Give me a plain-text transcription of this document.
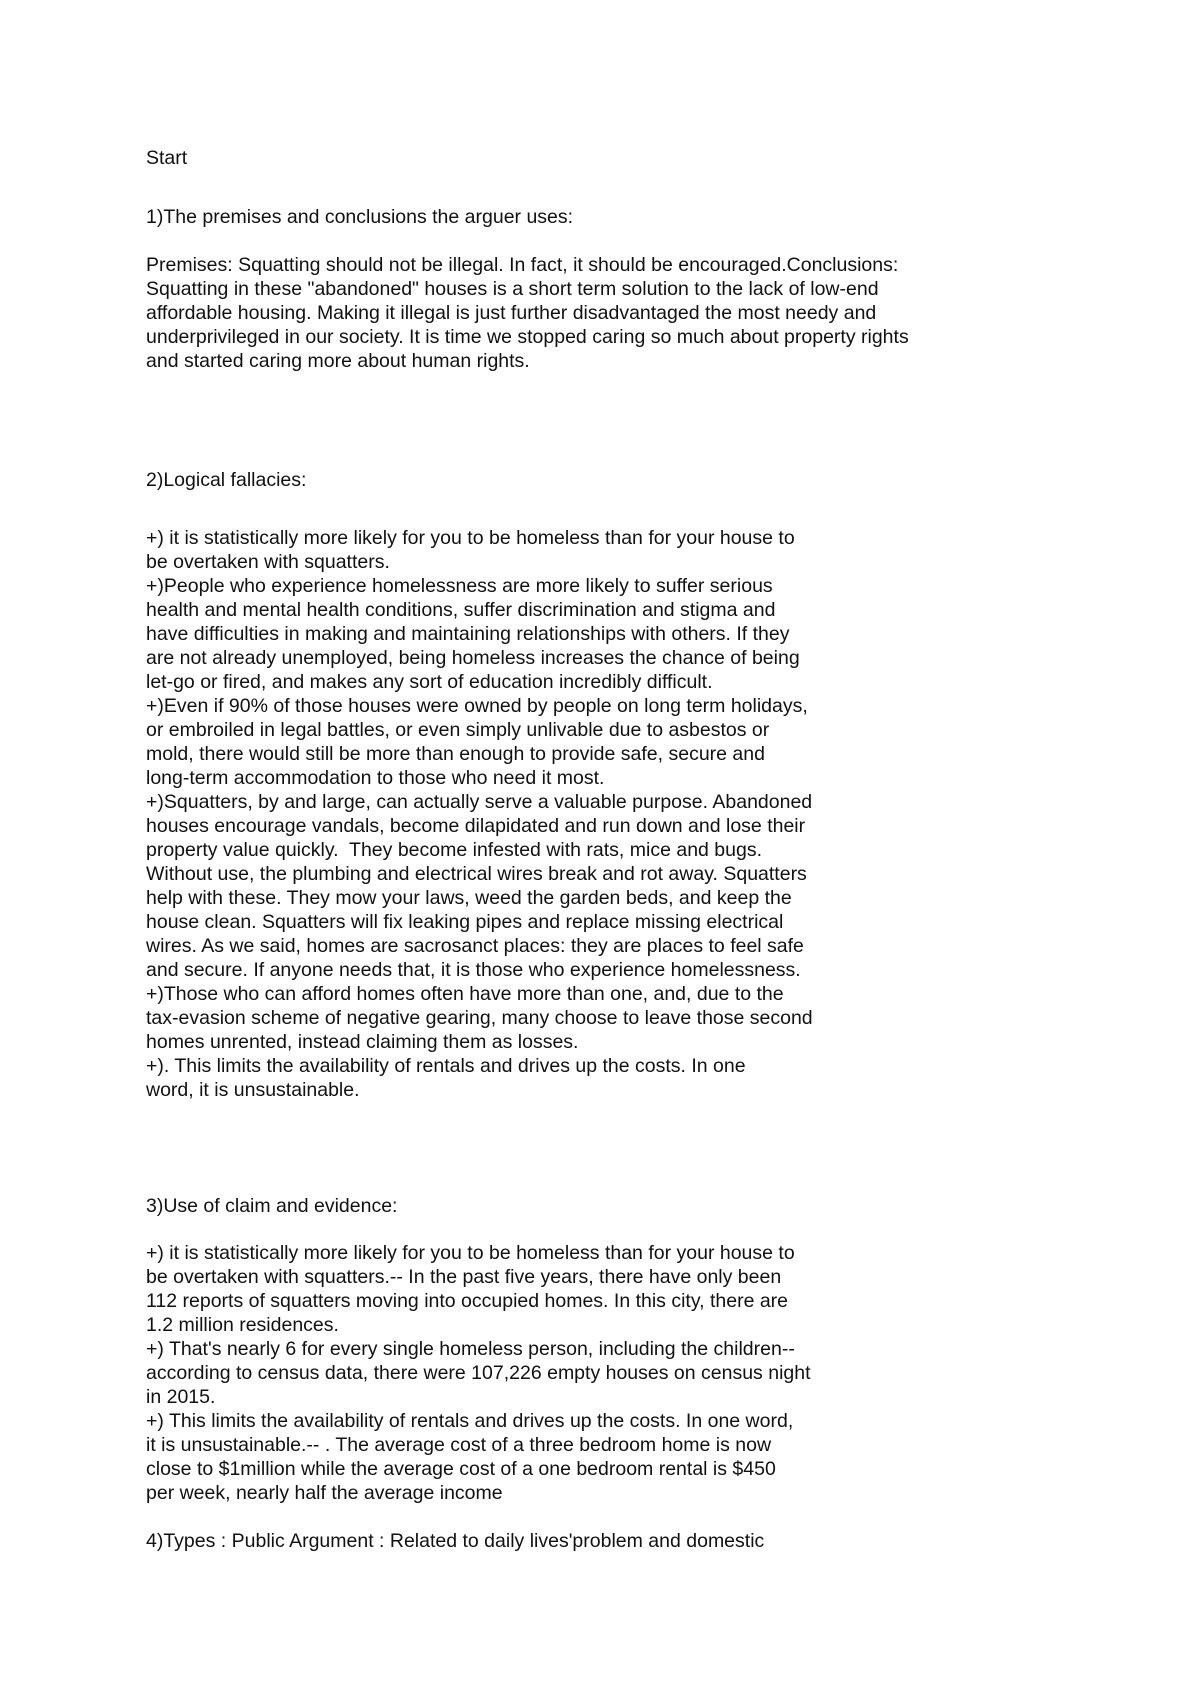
Start
1)The premises and conclusions the arguer uses:
Premises: Squatting should not be illegal. In fact, it should be encouraged.Conclusions:
Squatting in these "abandoned" houses is a short term solution to the lack of low-end
affordable housing. Making it illegal is just further disadvantaged the most needy and
underprivileged in our society. It is time we stopped caring so much about property rights
and started caring more about human rights.
2)Logical fallacies:
+) it is statistically more likely for you to be homeless than for your house to
be overtaken with squatters.
+)People who experience homelessness are more likely to suffer serious
health and mental health conditions, suffer discrimination and stigma and
have difficulties in making and maintaining relationships with others. If they
are not already unemployed, being homeless increases the chance of being
let-go or fired, and makes any sort of education incredibly difficult.
+)Even if 90% of those houses were owned by people on long term holidays,
or embroiled in legal battles, or even simply unlivable due to asbestos or
mold, there would still be more than enough to provide safe, secure and
long-term accommodation to those who need it most.
+)Squatters, by and large, can actually serve a valuable purpose. Abandoned
houses encourage vandals, become dilapidated and run down and lose their
property value quickly.  They become infested with rats, mice and bugs.
Without use, the plumbing and electrical wires break and rot away. Squatters
help with these. They mow your laws, weed the garden beds, and keep the
house clean. Squatters will fix leaking pipes and replace missing electrical
wires. As we said, homes are sacrosanct places: they are places to feel safe
and secure. If anyone needs that, it is those who experience homelessness.
+)Those who can afford homes often have more than one, and, due to the
tax-evasion scheme of negative gearing, many choose to leave those second
homes unrented, instead claiming them as losses.
+). This limits the availability of rentals and drives up the costs. In one
word, it is unsustainable.
3)Use of claim and evidence:
+) it is statistically more likely for you to be homeless than for your house to
be overtaken with squatters.-- In the past five years, there have only been
112 reports of squatters moving into occupied homes. In this city, there are
1.2 million residences.
+) That's nearly 6 for every single homeless person, including the children--
according to census data, there were 107,226 empty houses on census night
in 2015.
+) This limits the availability of rentals and drives up the costs. In one word,
it is unsustainable.-- . The average cost of a three bedroom home is now
close to $1million while the average cost of a one bedroom rental is $450
per week, nearly half the average income
4)Types : Public Argument : Related to daily lives'problem and domestic
